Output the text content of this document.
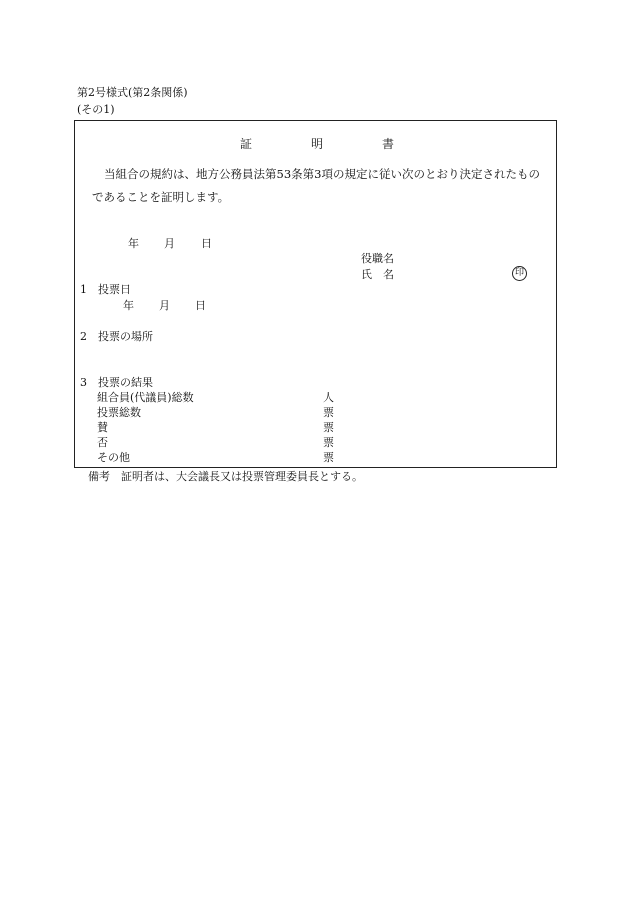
第2号様式(第2条関係)
(その1)
証	明	書
当組合の規約は、地方公務員法第53条第3項の規定に従い次のとおり決定されたもの
であることを証明します。
年 月 日
役職名
氏　名	印
1　投票日
年 月 日
2　投票の場所
3　投票の結果
組合員(代議員)総数	人
投票総数	票
賛	票
否	票
その他	票
備考　証明者は、大会議長又は投票管理委員長とする。
